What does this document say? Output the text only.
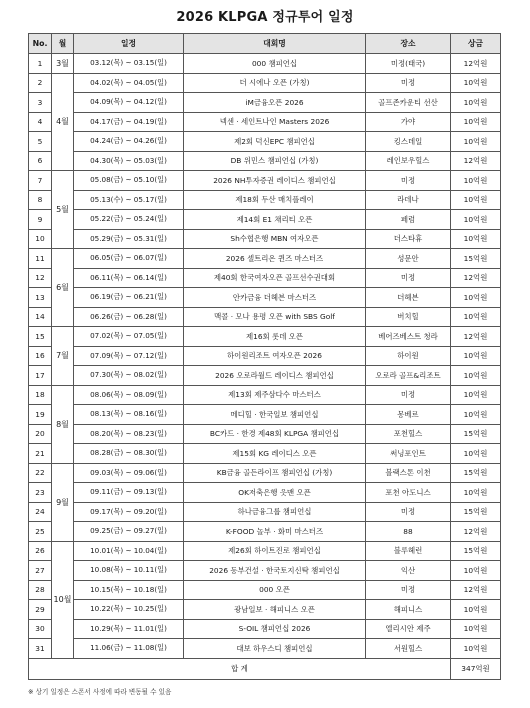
2026 KLPGA 정규투어 일정
No.	월	일정	대회명	장소	상금
1	3월	03.12(목) ~ 03.15(일)	000 챔피언십	미정(태국)	12억원
2	4월	04.02(목) ~ 04.05(일)	더 시에나 오픈 (가칭)	미정	10억원
3		04.09(목) ~ 04.12(일)	iM금융오픈 2026	골프존카운티 선산	10억원
4		04.17(금) ~ 04.19(일)	넥센 · 세인트나인 Masters 2026	가야	10억원
5		04.24(금) ~ 04.26(일)	제2회 덕신EPC 챔피언십	킹스데일	10억원
6		04.30(목) ~ 05.03(일)	DB 위민스 챔피언십 (가칭)	레인보우힐스	12억원
7	5월	05.08(금) ~ 05.10(일)	2026 NH투자증권 레이디스 챔피언십	미정	10억원
8		05.13(수) ~ 05.17(일)	제18회 두산 매치플레이	라데나	10억원
9		05.22(금) ~ 05.24(일)	제14회 E1 채리티 오픈	페럼	10억원
10		05.29(금) ~ 05.31(일)	Sh수협은행 MBN 여자오픈	더스타휴	10억원
11	6월	06.05(금) ~ 06.07(일)	2026 셀트리온 퀸즈 마스터즈	성문안	15억원
12		06.11(목) ~ 06.14(일)	제40회 한국여자오픈 골프선수권대회	미정	12억원
13		06.19(금) ~ 06.21(일)	안카금융 더헤븐 마스터즈	더헤븐	10억원
14		06.26(금) ~ 06.28(일)	맥콜 · 모나 용평 오픈 with SBS Golf	버치힐	10억원
15	7월	07.02(목) ~ 07.05(일)	제16회 롯데 오픈	베어즈베스트 청라	12억원
16		07.09(목) ~ 07.12(일)	하이원리조트 여자오픈 2026	하이원	10억원
17		07.30(목) ~ 08.02(일)	2026 오로라월드 레이디스 챔피언십	오로라 골프&리조트	10억원
18	8월	08.06(목) ~ 08.09(일)	제13회 제주삼다수 마스터스	미정	10억원
19		08.13(목) ~ 08.16(일)	메디힐 · 한국일보 챔피언십	몽베르	10억원
20		08.20(목) ~ 08.23(일)	BC카드 · 한경 제48회 KLPGA 챔피언십	포천힐스	15억원
21		08.28(금) ~ 08.30(일)	제15회 KG 레이디스 오픈	써닝포인트	10억원
22	9월	09.03(목) ~ 09.06(일)	KB금융 골든라이프 챔피언십 (가칭)	블랙스톤 이천	15억원
23		09.11(금) ~ 09.13(일)	OK저축은행 읏맨 오픈	포천 아도니스	10억원
24		09.17(목) ~ 09.20(일)	하나금융그룹 챔피언십	미정	15억원
25		09.25(금) ~ 09.27(일)	K-FOOD 놀부 · 화미 마스터즈	88	12억원
26	10월	10.01(목) ~ 10.04(일)	제26회 하이트진로 챔피언십	블루헤런	15억원
27		10.08(목) ~ 10.11(일)	2026 동부건설 · 한국토지신탁 챔피언십	익산	10억원
28		10.15(목) ~ 10.18(일)	000 오픈	미정	12억원
29		10.22(목) ~ 10.25(일)	광남일보 · 해피니스 오픈	해피니스	10억원
30		10.29(목) ~ 11.01(일)	S-OIL 챔피언십 2026	엘리시안 제주	10억원
31		11.06(금) ~ 11.08(일)	대보 하우스디 챔피언십	서원힐스	10억원
합 계					347억원
※ 상기 일정은 스폰서 사정에 따라 변동될 수 있음
